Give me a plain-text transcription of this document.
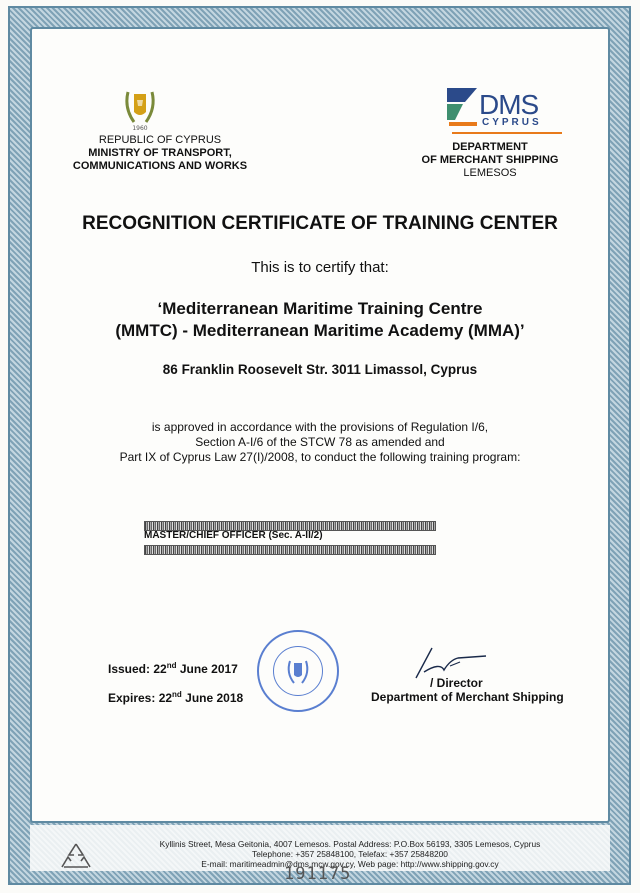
1960
REPUBLIC OF CYPRUS
MINISTRY OF TRANSPORT,
COMMUNICATIONS AND WORKS
DMS
CYPRUS
DEPARTMENT
OF MERCHANT SHIPPING
LEMESOS
RECOGNITION CERTIFICATE OF TRAINING CENTER
This is to certify that:
‘Mediterranean Maritime Training Centre
(MMTC) - Mediterranean Maritime Academy (MMA)’
86 Franklin Roosevelt Str. 3011 Limassol, Cyprus
is approved in accordance with the provisions of Regulation I/6,
Section A-I/6 of the STCW 78 as amended and
Part IX of Cyprus Law 27(I)/2008, to conduct the following training program:
MASTER/CHIEF OFFICER (Sec. A-II/2)
Issued: 22nd June 2017
Expires: 22nd June 2018
/ Director
Department of Merchant Shipping
Kyllinis Street, Mesa Geitonia, 4007 Lemesos. Postal Address: P.O.Box 56193, 3305 Lemesos, Cyprus
Telephone: +357 25848100, Telefax: +357 25848200
E-mail: maritimeadmin@dms.mcw.gov.cy, Web page: http://www.shipping.gov.cy
191175
